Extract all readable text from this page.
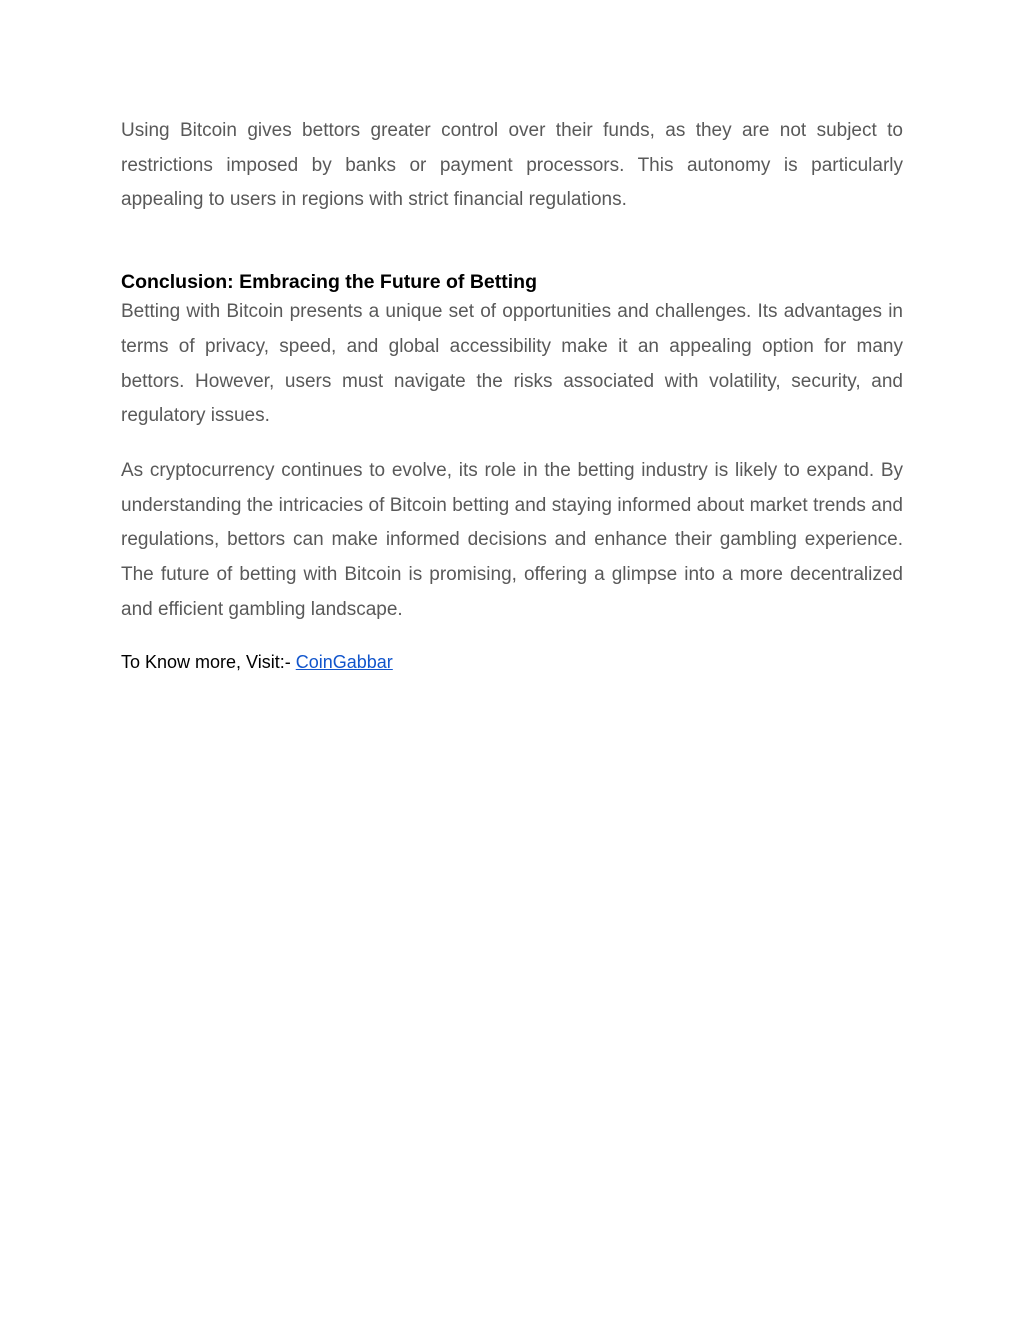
Using Bitcoin gives bettors greater control over their funds, as they are not subject to restrictions imposed by banks or payment processors. This autonomy is particularly appealing to users in regions with strict financial regulations.

Conclusion: Embracing the Future of Betting

Betting with Bitcoin presents a unique set of opportunities and challenges. Its advantages in terms of privacy, speed, and global accessibility make it an appealing option for many bettors. However, users must navigate the risks associated with volatility, security, and regulatory issues.

As cryptocurrency continues to evolve, its role in the betting industry is likely to expand. By understanding the intricacies of Bitcoin betting and staying informed about market trends and regulations, bettors can make informed decisions and enhance their gambling experience. The future of betting with Bitcoin is promising, offering a glimpse into a more decentralized and efficient gambling landscape.

To Know more, Visit:- CoinGabbar
